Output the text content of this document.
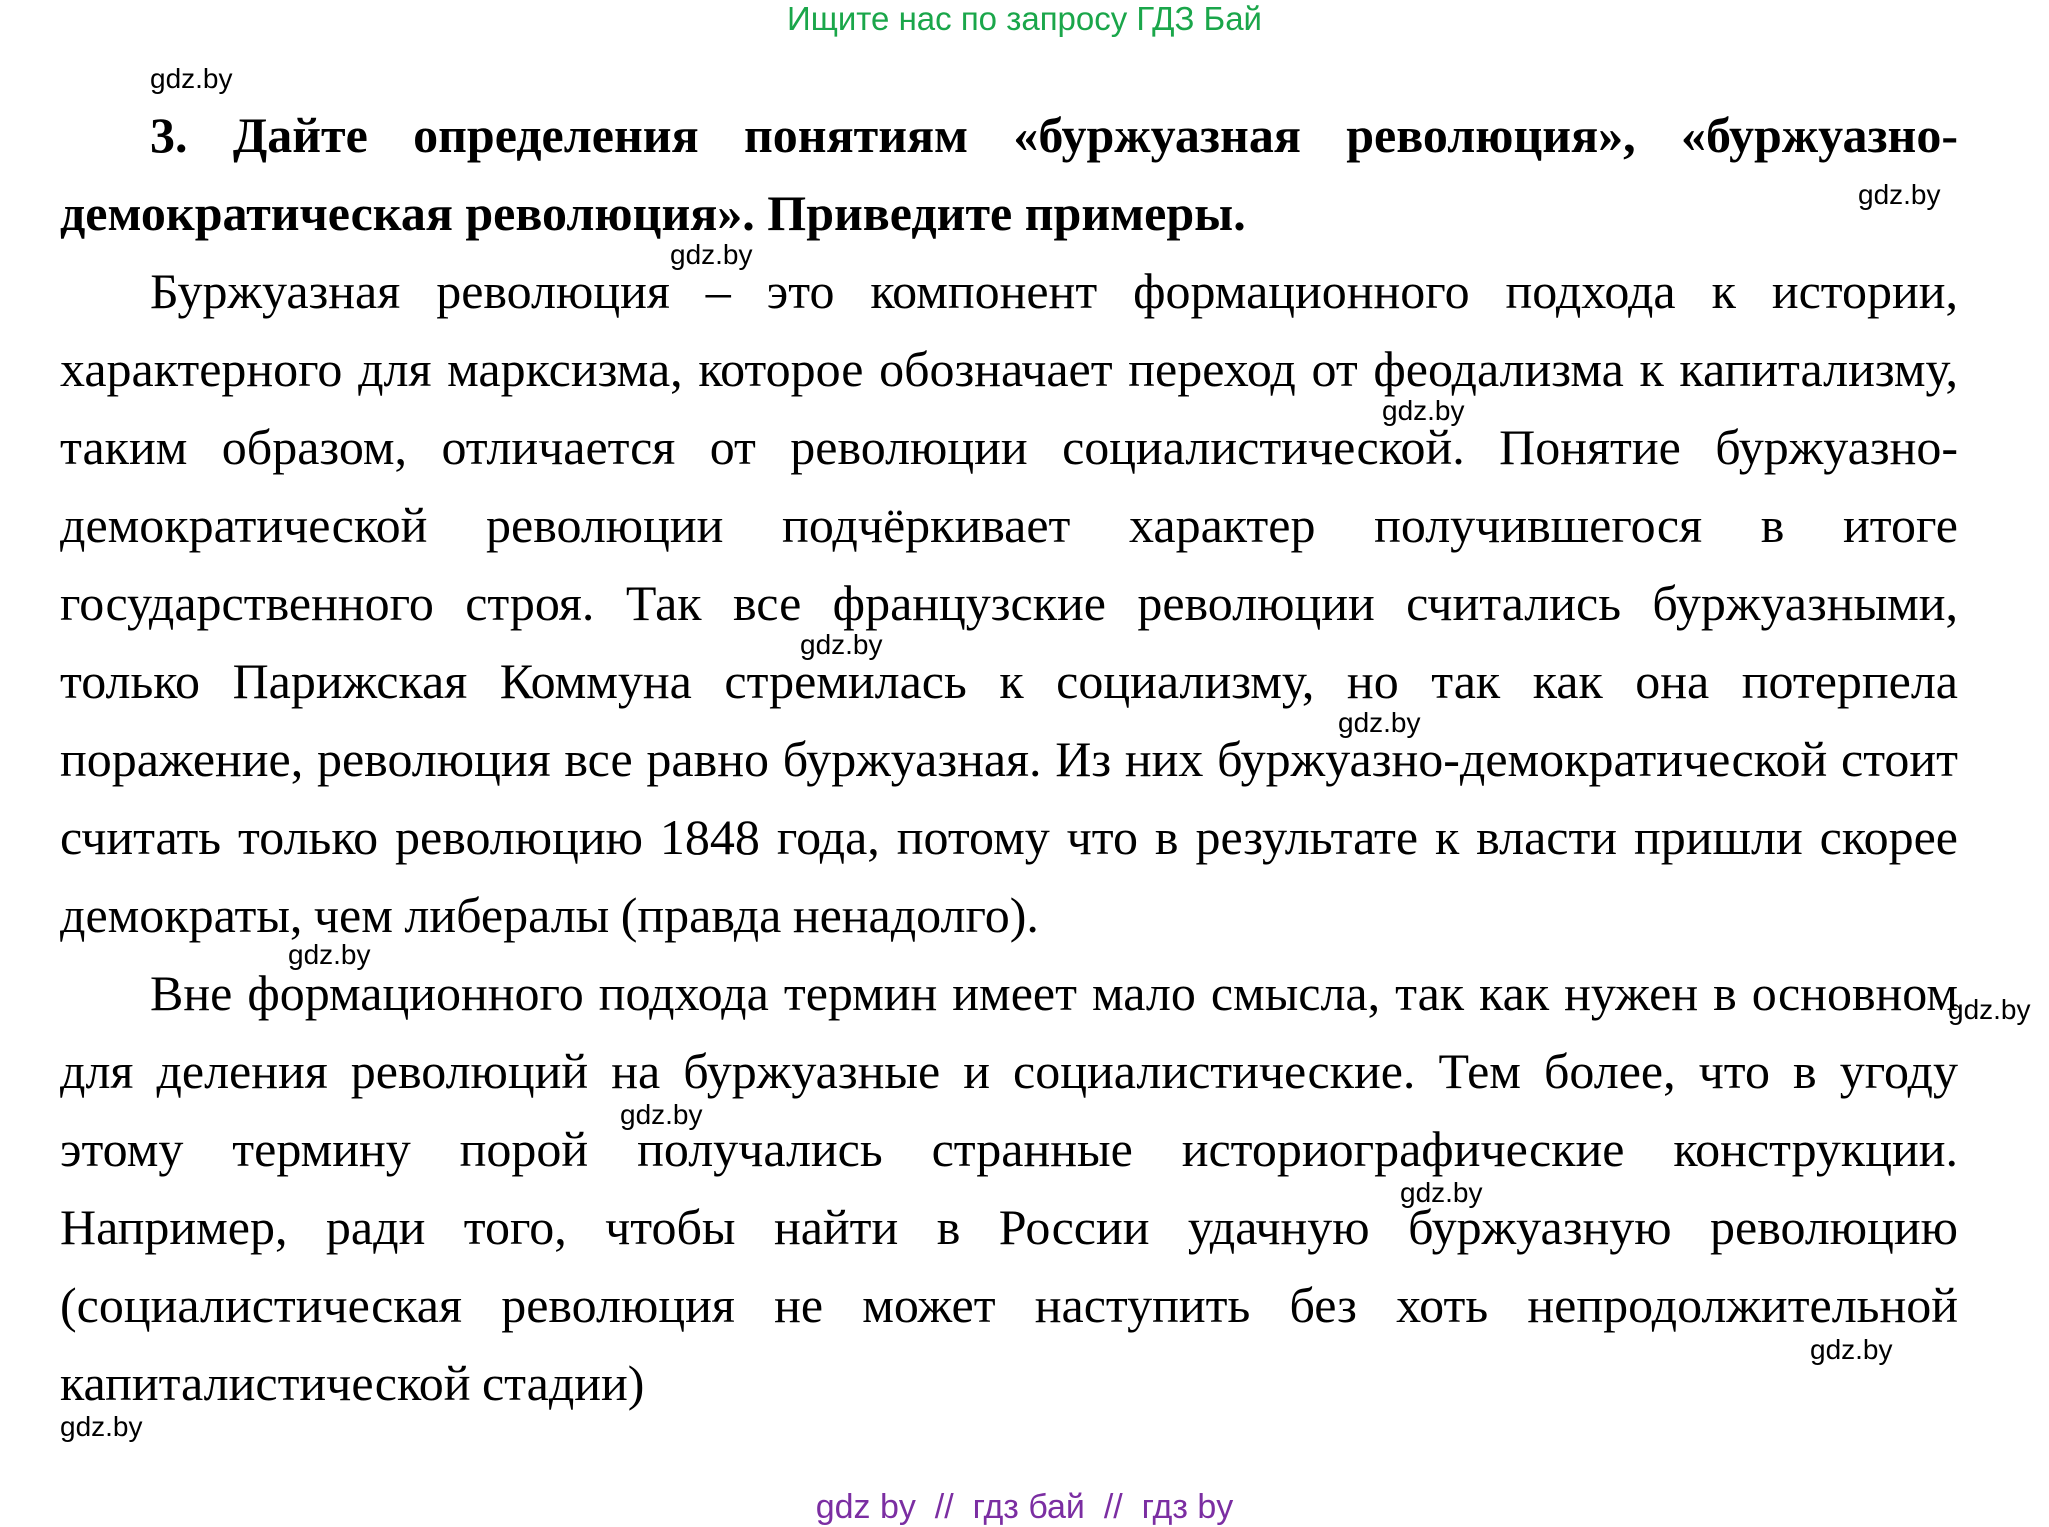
Ищите нас по запросу ГДЗ Бай

3. Дайте определения понятиям «буржуазная революция», «буржуазно-демократическая революция». Приведите примеры.

Буржуазная революция – это компонент формационного подхода к истории, характерного для марксизма, которое обозначает переход от феодализма к капитализму, таким образом, отличается от революции социалистической. Понятие буржуазно-демократической революции подчёркивает характер получившегося в итоге государственного строя. Так все французские революции считались буржуазными, только Парижская Коммуна стремилась к социализму, но так как она потерпела поражение, революция все равно буржуазная. Из них буржуазно-демократической стоит считать только революцию 1848 года, потому что в результате к власти пришли скорее демократы, чем либералы (правда ненадолго).

Вне формационного подхода термин имеет мало смысла, так как нужен в основном для деления революций на буржуазные и социалистические. Тем более, что в угоду этому термину порой получались странные историографические конструкции. Например, ради того, чтобы найти в России удачную буржуазную революцию (социалистическая революция не может наступить без хоть непродолжительной капиталистической стадии)

gdz.by
gdz.by
gdz.by
gdz.by
gdz.by
gdz.by
gdz.by
gdz.by
gdz.by
gdz.by
gdz.by
gdz.by
gdz by  //  гдз бай  //  гдз by
